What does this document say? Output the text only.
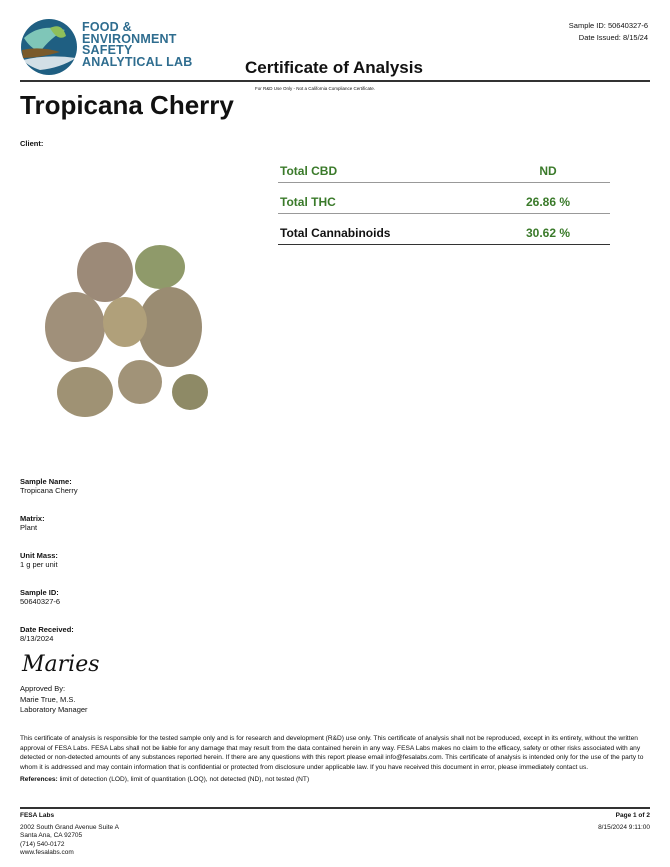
FOOD &
ENVIRONMENT
SAFETY
ANALYTICAL LAB
Sample ID: 50640327-6
Date Issued: 8/15/24
Certificate of Analysis
For R&D Use Only - Not a California Compliance Certificate.
Tropicana Cherry
Client:
Total CBD	ND
Total THC	26.86 %
Total Cannabinoids	30.62 %
Sample Name:
Tropicana Cherry
Matrix:
Plant
Unit Mass:
1 g per unit
Sample ID:
50640327-6
Date Received:
8/13/2024
Maries
Approved By:
Marie True, M.S.
Laboratory Manager
This certificate of analysis is responsible for the tested sample only and is for research and development (R&D) use only. This certificate of analysis shall not be reproduced, except in its entirety, without the written approval of FESA Labs. FESA Labs shall not be liable for any damage that may result from the data contained herein in any way. FESA Labs makes no claim to the efficacy, safety or other risks associated with any detected or non-detected amounts of any substances reported herein. If there are any questions with this report please email info@fesalabs.com. This certificate of analysis is intended only for the use of the party to whom it is addressed and may contain information that is confidential or protected from disclosure under applicable law. If you have received this document in error, please immediately contact us.
References: limit of detection (LOD), limit of quantitation (LOQ), not detected (ND), not tested (NT)
FESA Labs
2002 South Grand Avenue Suite A
Santa Ana, CA 92705
(714) 540-0172
www.fesalabs.com
Page 1 of 2
8/15/2024 9:11:00
